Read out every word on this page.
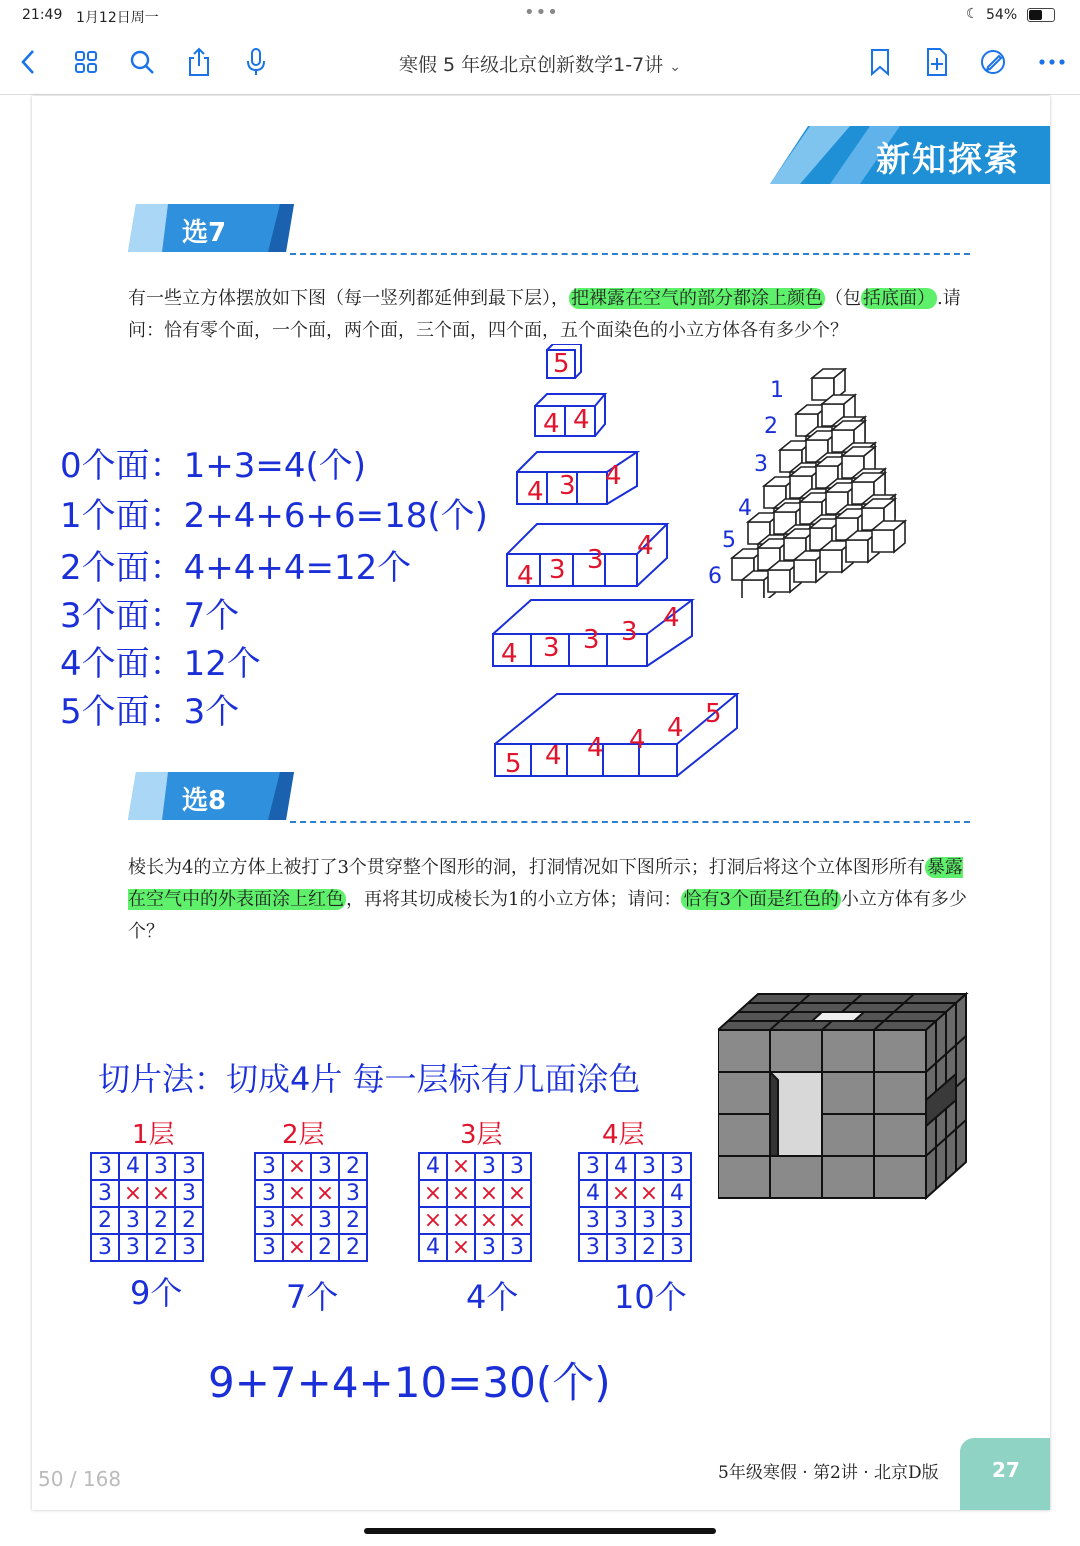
21:49 1月12日周一	•••	☾ 54%
寒假 5 年级北京创新数学1-7讲 ⌄
新知探索
选7
有一些立方体摆放如下图（每一竖列都延伸到最下层）， 把裸露在空气的部分都涂上颜色 （包 括底面） .请问：恰有零个面，一个面，两个面，三个面，四个面，五个面染色的小立方体各有多少个？
0个面：1+3=4(个)
1个面：2+4+6+6=18(个)
2个面：4+4+4=12个
3个面：7个
4个面：12个
5个面：3个
5
4 4
4 3 4
4 3 3 4
4 3 3 3 4
5 4 4 4 4 5
1
2
3
4
5
6
选8
棱长为4的立方体上被打了3个贯穿整个图形的洞，打洞情况如下图所示；打洞后将这个立体图形所有 暴露在空气中的外表面涂上红色 ，再将其切成棱长为1的小立方体；请问： 恰有3个面是红色的 小立方体有多少个？
切片法：切成4片 每一层标有几面涂色
1层	2层	3层	4层
3	4	3	3
3	×	×	3
2	3	2	2
3	3	2	3
3	×	3	2
3	×	×	3
3	×	3	2
3	×	2	2
4	×	3	3
×	×	×	×
×	×	×	×
4	×	3	3
3	4	3	3
4	×	×	4
3	3	3	3
3	3	2	3
9个	7个	4个	10个
9+7+4+10=30(个)
50 / 168	5年级寒假 · 第2讲 · 北京D版	27
